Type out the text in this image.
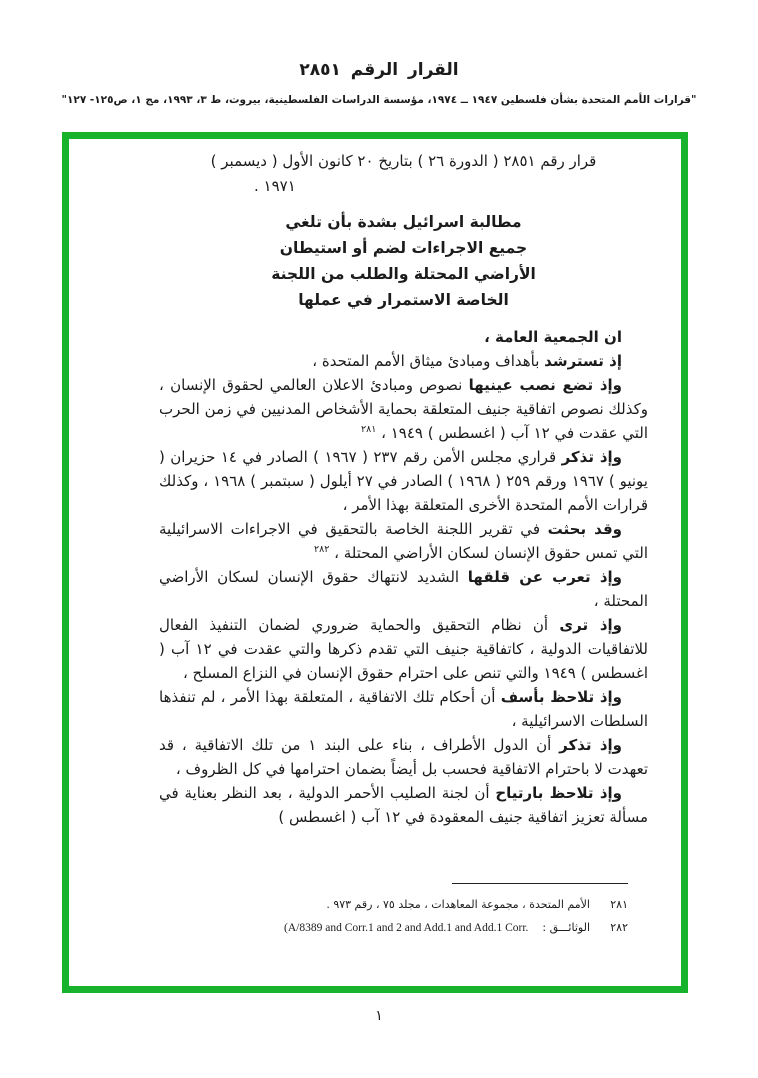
القرار الرقم ٢٨٥١
"قرارات الأمم المتحدة بشأن فلسطين ١٩٤٧ ــ ١٩٧٤، مؤسسة الدراسات الفلسطينية، بيروت، ط ٣، ١٩٩٣، مج ١، ص١٢٥- ١٢٧"
قرار رقم ٢٨٥١ ( الدورة ٢٦ ) بتاريخ ٢٠ كانون الأول ( ديسمبر )
١٩٧١ .
مطالبة اسرائيل بشدة بأن تلغي
جميع الاجراءات لضم أو استيطان
الأراضي المحتلة والطلب من اللجنة
الخاصة الاستمرار في عملها

ان الجمعية العامة ،

إذ تسترشد بأهداف ومبادئ ميثاق الأمم المتحدة ،

وإذ تضع نصب عينيها نصوص ومبادئ الاعلان العالمي لحقوق الإنسان ، وكذلك نصوص اتفاقية جنيف المتعلقة بحماية الأشخاص المدنيين في زمن الحرب التي عقدت في ١٢ آب ( اغسطس ) ١٩٤٩ ، $^{٢٨١}$

وإذ تذكر قراري مجلس الأمن رقم ٢٣٧ ( ١٩٦٧ ) الصادر في ١٤ حزيران ( يونيو ) ١٩٦٧ ورقم ٢٥٩ ( ١٩٦٨ ) الصادر في ٢٧ أيلول ( سبتمبر ) ١٩٦٨ ، وكذلك قرارات الأمم المتحدة الأخرى المتعلقة بهذا الأمر ،

وقد بحثت في تقرير اللجنة الخاصة بالتحقيق في الاجراءات الاسرائيلية التي تمس حقوق الإنسان لسكان الأراضي المحتلة ، $^{٢٨٢}$

وإذ تعرب عن قلقها الشديد لانتهاك حقوق الإنسان لسكان الأراضي المحتلة ،

وإذ ترى أن نظام التحقيق والحماية ضروري لضمان التنفيذ الفعال للاتفاقيات الدولية ، كاتفاقية جنيف التي تقدم ذكرها والتي عقدت في ١٢ آب ( اغسطس ) ١٩٤٩ والتي تنص على احترام حقوق الإنسان في النزاع المسلح ،

وإذ تلاحظ بأسف أن أحكام تلك الاتفاقية ، المتعلقة بهذا الأمر ، لم تنفذها السلطات الاسرائيلية ،

وإذ تذكر أن الدول الأطراف ، بناء على البند ١ من تلك الاتفاقية ، قد تعهدت لا باحترام الاتفاقية فحسب بل أيضاً بضمان احترامها في كل الظروف ،

وإذ تلاحظ بارتياح أن لجنة الصليب الأحمر الدولية ، بعد النظر بعناية في مسألة تعزيز اتفاقية جنيف المعقودة في ١٢ آب ( اغسطس )

٢٨١
الأمم المتحدة ، مجموعة المعاهدات ، مجلد ٧٥ ، رقم ٩٧٣ .
٢٨٢
الوثائـــق :
(A/8389 and Corr.1 and 2 and Add.1 and Add.1 Corr.
١
